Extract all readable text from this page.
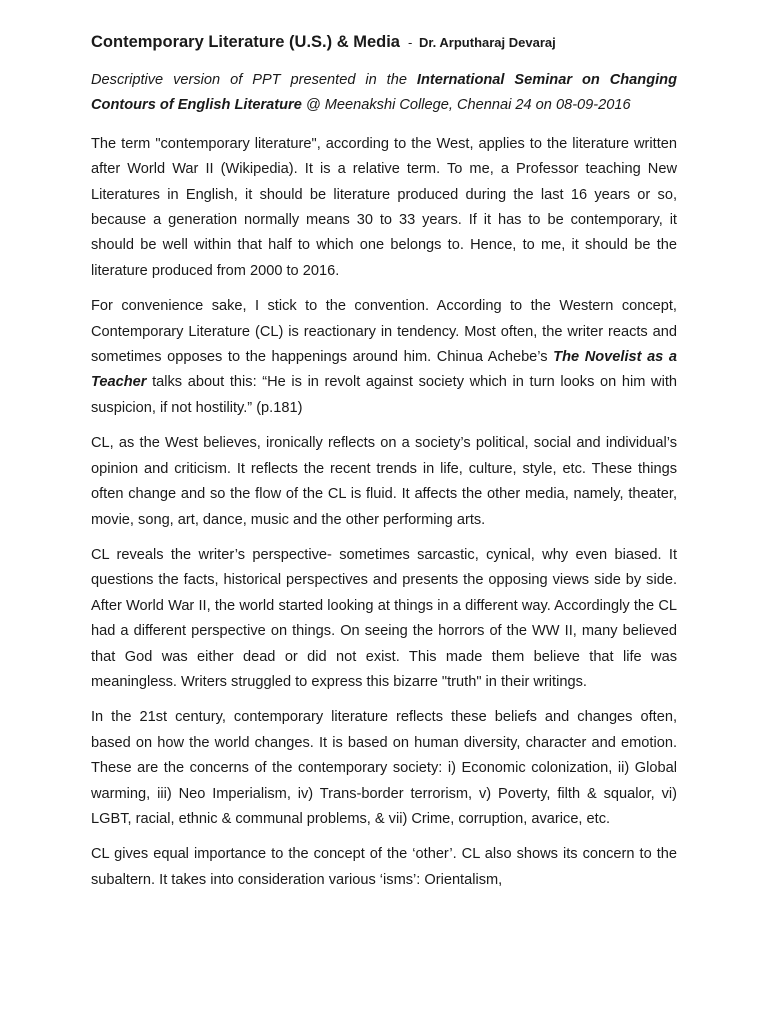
Contemporary Literature (U.S.) & Media - Dr. Arputharaj Devaraj

Descriptive version of PPT presented in the International Seminar on Changing Contours of English Literature @ Meenakshi College, Chennai 24 on 08-09-2016

The term "contemporary literature", according to the West, applies to the literature written after World War II (Wikipedia). It is a relative term. To me, a Professor teaching New Literatures in English, it should be literature produced during the last 16 years or so, because a generation normally means 30 to 33 years. If it has to be contemporary, it should be well within that half to which one belongs to. Hence, to me, it should be the literature produced from 2000 to 2016.

For convenience sake, I stick to the convention. According to the Western concept, Contemporary Literature (CL) is reactionary in tendency. Most often, the writer reacts and sometimes opposes to the happenings around him. Chinua Achebe’s The Novelist as a Teacher talks about this: “He is in revolt against society which in turn looks on him with suspicion, if not hostility.” (p.181)

CL, as the West believes, ironically reflects on a society’s political, social and individual’s opinion and criticism. It reflects the recent trends in life, culture, style, etc. These things often change and so the flow of the CL is fluid. It affects the other media, namely, theater, movie, song, art, dance, music and the other performing arts.

CL reveals the writer’s perspective- sometimes sarcastic, cynical, why even biased. It questions the facts, historical perspectives and presents the opposing views side by side. After World War II, the world started looking at things in a different way. Accordingly the CL had a different perspective on things. On seeing the horrors of the WW II, many believed that God was either dead or did not exist. This made them believe that life was meaningless. Writers struggled to express this bizarre "truth" in their writings.

In the 21st century, contemporary literature reflects these beliefs and changes often, based on how the world changes. It is based on human diversity, character and emotion. These are the concerns of the contemporary society: i) Economic colonization, ii) Global warming, iii) Neo Imperialism, iv) Trans-border terrorism, v) Poverty, filth & squalor, vi) LGBT, racial, ethnic & communal problems, & vii) Crime, corruption, avarice, etc.

CL gives equal importance to the concept of the ‘other’. CL also shows its concern to the subaltern. It takes into consideration various ‘isms’: Orientalism,
